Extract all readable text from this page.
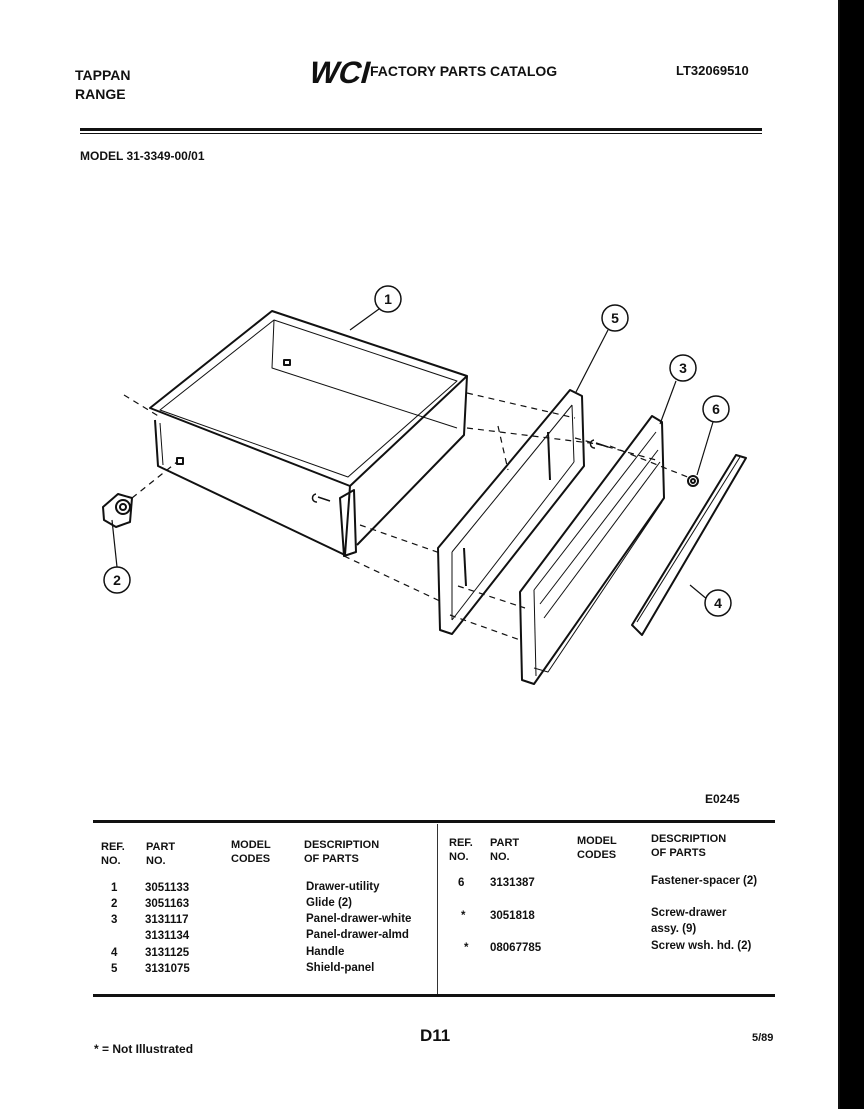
TAPPAN
RANGE
WCI
FACTORY PARTS CATALOG	LT32069510
MODEL 31-3349-00/01
1
2
3
4
5
6
E0245
REF.
NO.
PART
NO.
MODEL
CODES
DESCRIPTION
OF PARTS
REF.
NO.
PART
NO.
MODEL
CODES
DESCRIPTION
OF PARTS
1 3051133	Drawer-utility
2 3051163	Glide (2)
3 3131117	Panel-drawer-white
3131134	Panel-drawer-almd
4 3131125	Handle
5 3131075	Shield-panel
6 3131387	Fastener-spacer (2)
* 3051818	Screw-drawer
assy. (9)
* 08067785	Screw wsh. hd. (2)
D11	5/89
* = Not Illustrated
